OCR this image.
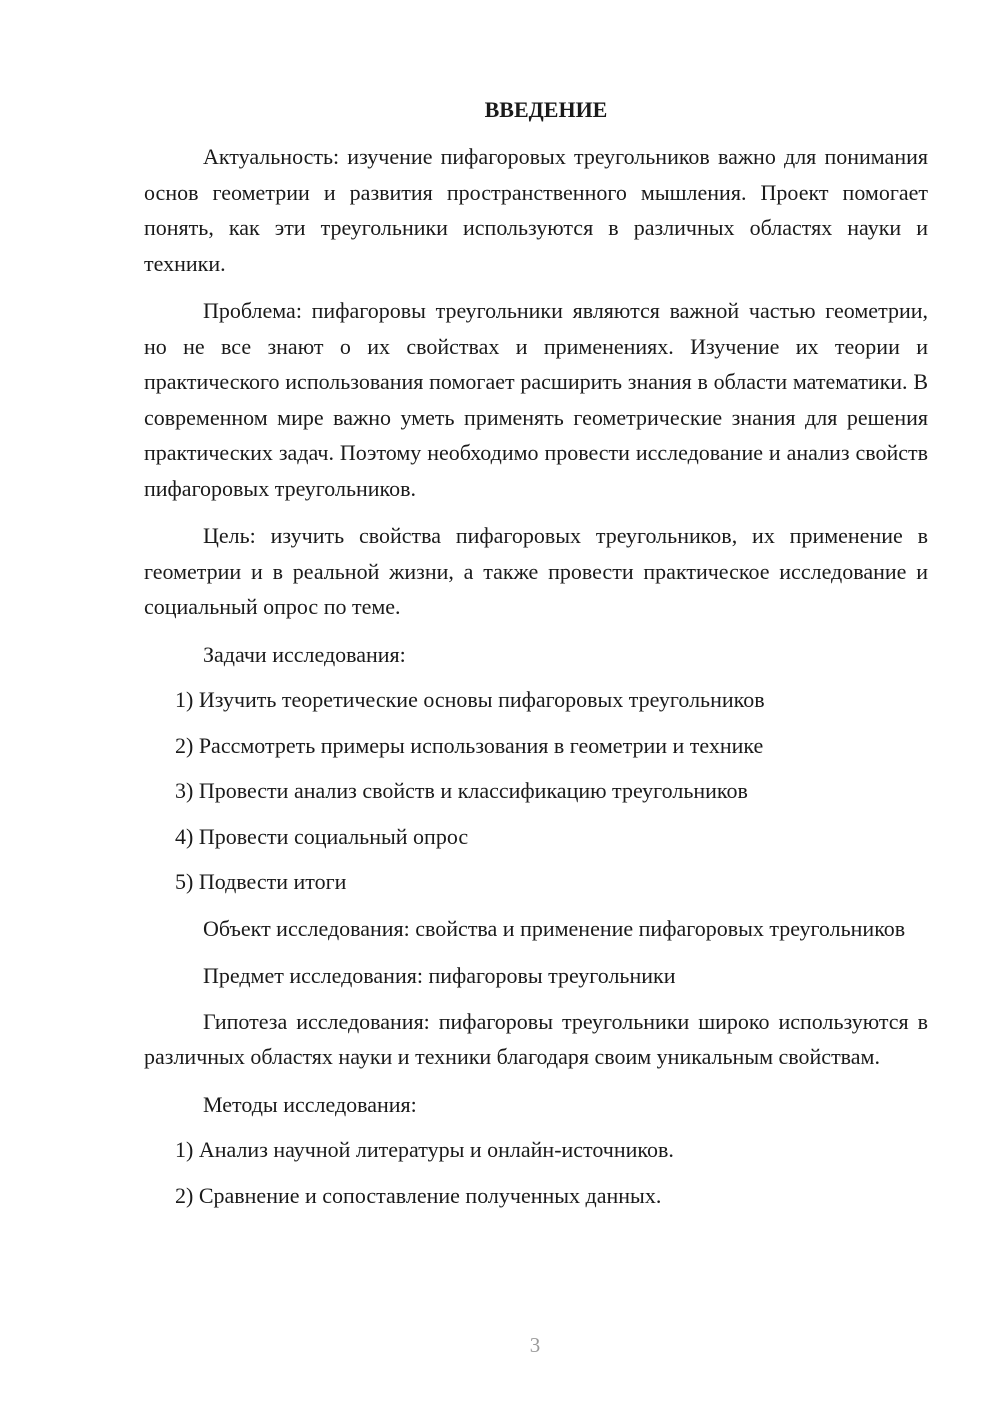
ВВЕДЕНИЕ

Актуальность: изучение пифагоровых треугольников важно для понимания основ геометрии и развития пространственного мышления. Проект помогает понять, как эти треугольники используются в различных областях науки и техники.

Проблема: пифагоровы треугольники являются важной частью геометрии, но не все знают о их свойствах и применениях. Изучение их теории и практического использования помогает расширить знания в области математики. В современном мире важно уметь применять геометрические знания для решения практических задач. Поэтому необходимо провести исследование и анализ свойств пифагоровых треугольников.

Цель: изучить свойства пифагоровых треугольников, их применение в геометрии и в реальной жизни, а также провести практическое исследование и социальный опрос по теме.

Задачи исследования:

1) Изучить теоретические основы пифагоровых треугольников
2) Рассмотреть примеры использования в геометрии и технике
3) Провести анализ свойств и классификацию треугольников
4) Провести социальный опрос
5) Подвести итоги

Объект исследования: свойства и применение пифагоровых треугольников

Предмет исследования: пифагоровы треугольники

Гипотеза исследования: пифагоровы треугольники широко используются в различных областях науки и техники благодаря своим уникальным свойствам.

Методы исследования:

1) Анализ научной литературы и онлайн-источников.
2) Сравнение и сопоставление полученных данных.
3
